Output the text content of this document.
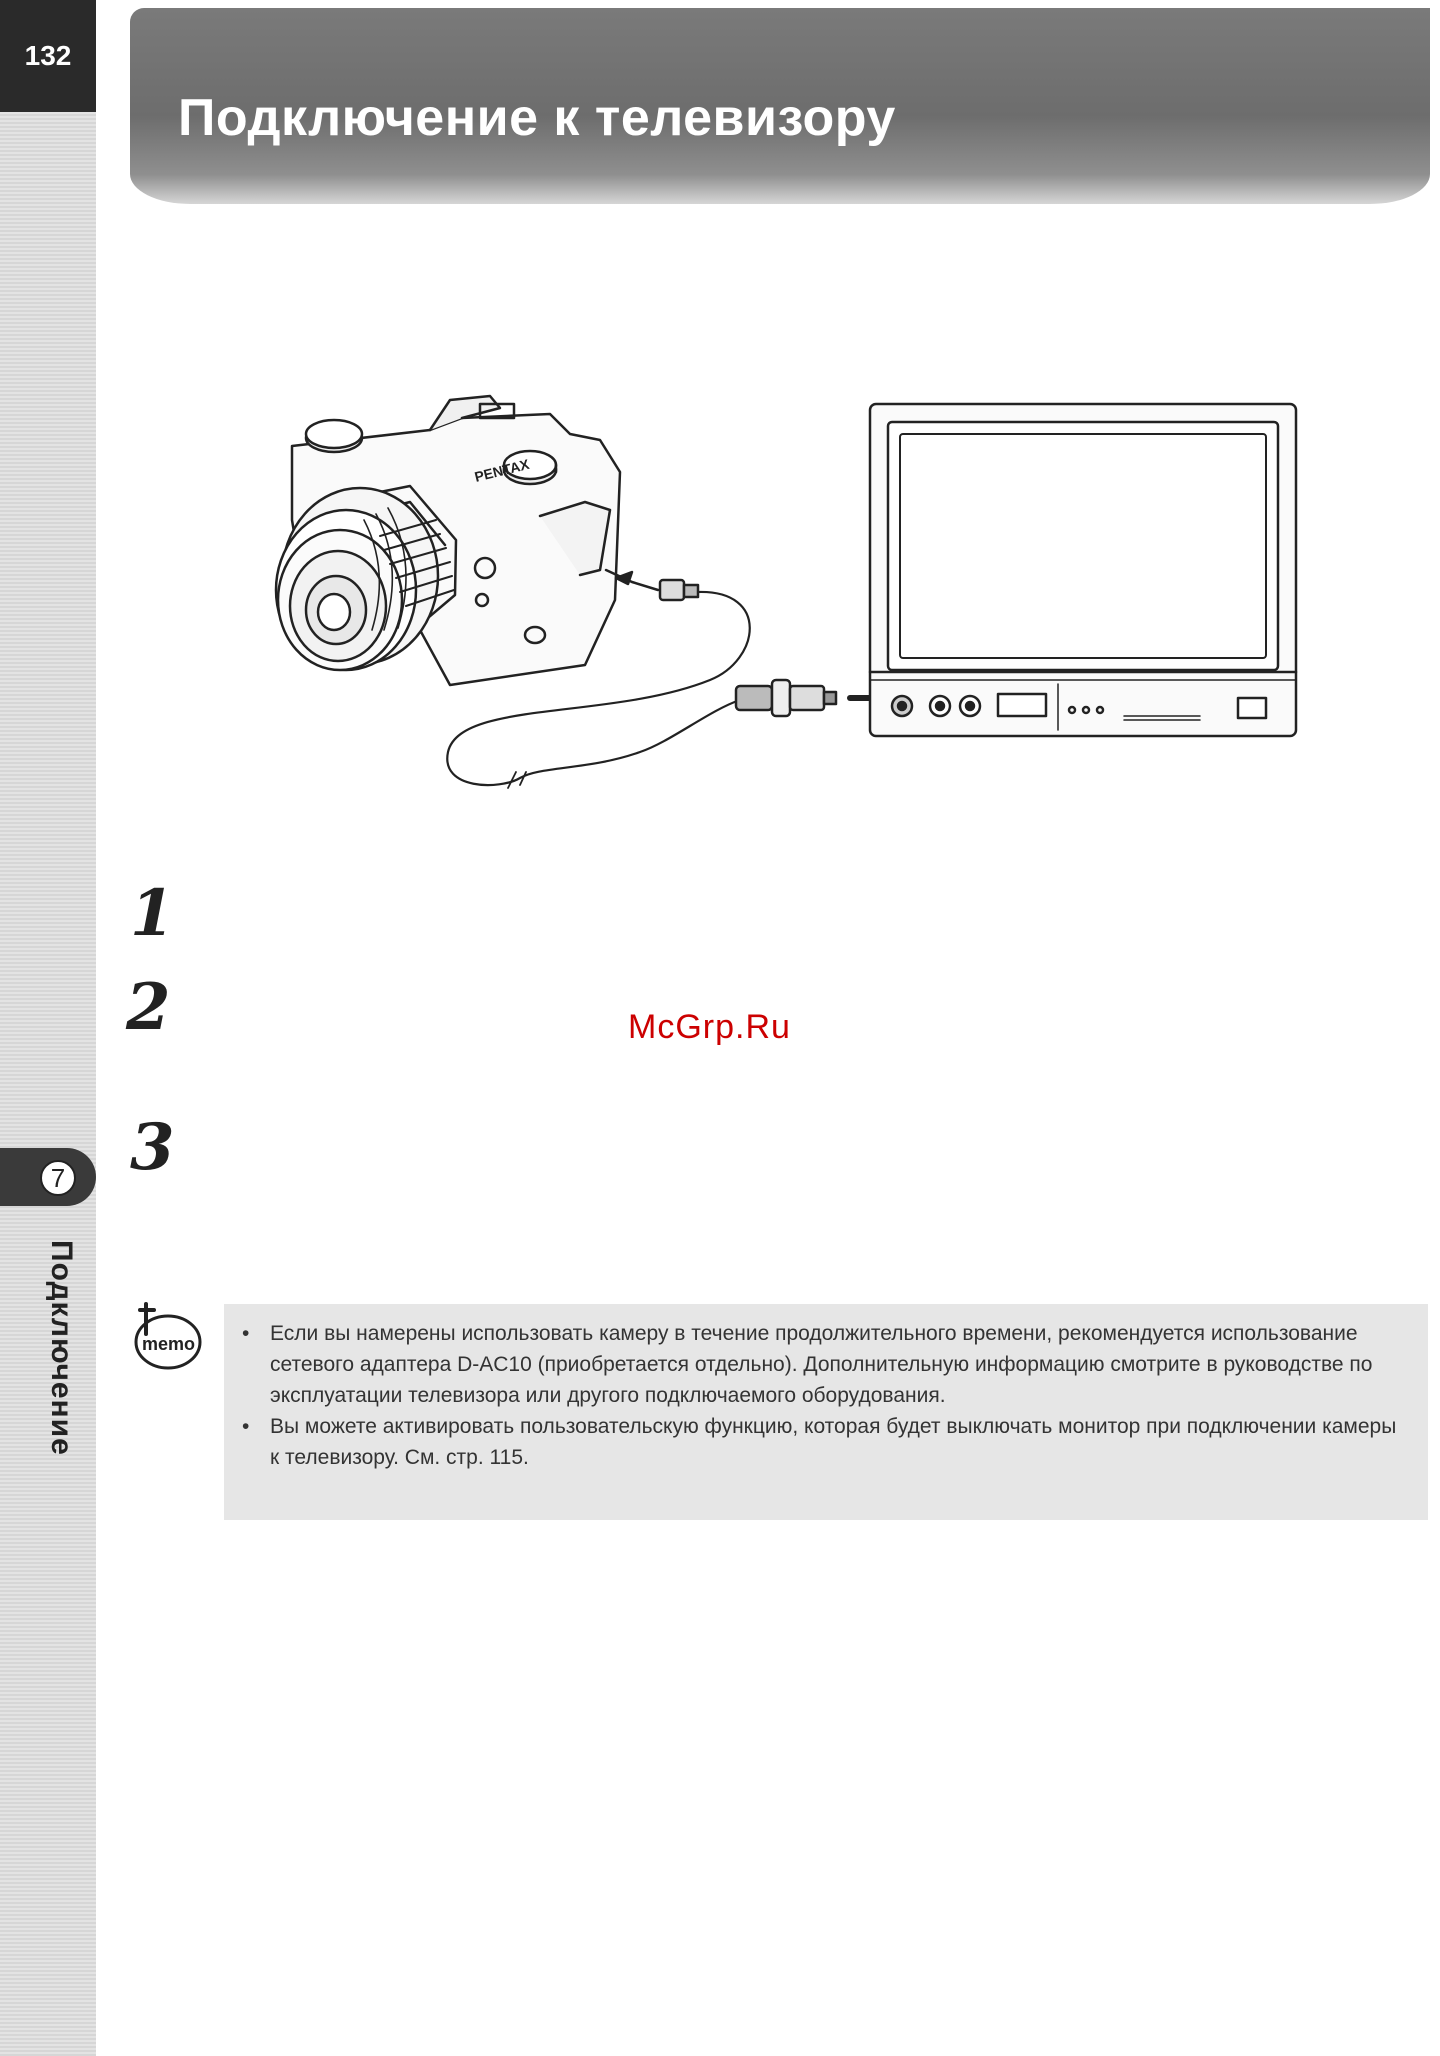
132
7
Подключение
Подключение к телевизору
PENTAX
1
2
3
McGrp.Ru
memo
•	Если вы намерены использовать камеру в течение продолжительного времени, рекомендуется использование сетевого адаптера D-AC10 (приобретается отдельно). Дополнительную информацию смотрите в руководстве по эксплуатации телевизора или другого подключаемого оборудования.
• Вы можете активировать пользовательскую функцию, которая будет выключать монитор при подключении камеры к телевизору. См. стр. 115.
